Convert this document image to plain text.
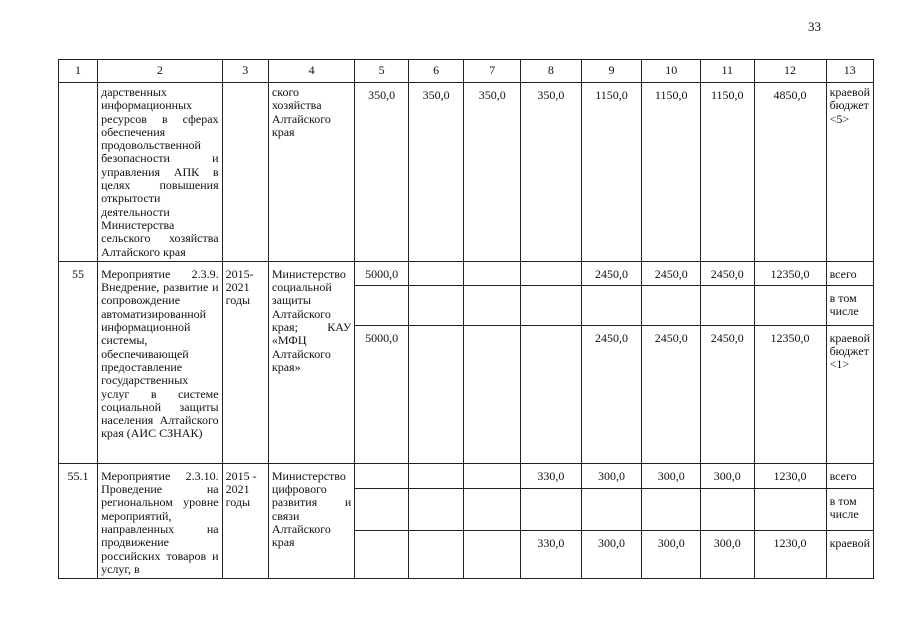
33
1	2	3	4	5	6	7	8	9	10	11	12	13
	дарственных информационных ресурсов в сферах обеспечения продовольственной безопасности и управления АПК в целях повышения открытости деятельности Министерства сельского хозяйства Алтайского края		ского хозяйства Алтайского края	350,0	350,0	350,0	350,0	1150,0	1150,0	1150,0	4850,0	краевой бюджет <5>
55	Мероприятие 2.3.9. Внедрение, развитие и сопровождение автоматизированной информационной системы, обеспечивающей предоставление государственных услуг в системе социальной защиты населения Алтайского края (АИС СЗНАК)	2015-2021 годы	Министерство социальной защиты Алтайского края; КАУ «МФЦ Алтайского края»	5000,0				2450,0	2450,0	2450,0	12350,0	всего
												в том числе
				5000,0				2450,0	2450,0	2450,0	12350,0	краевой бюджет <1>
55.1	Мероприятие 2.3.10. Проведение на региональном уровне мероприятий, направленных на продвижение российских товаров и услуг, в	2015 - 2021 годы	Министерство цифрового развития и связи Алтайского края				330,0	300,0	300,0	300,0	1230,0	всего
												в том числе
							330,0	300,0	300,0	300,0	1230,0	краевой
